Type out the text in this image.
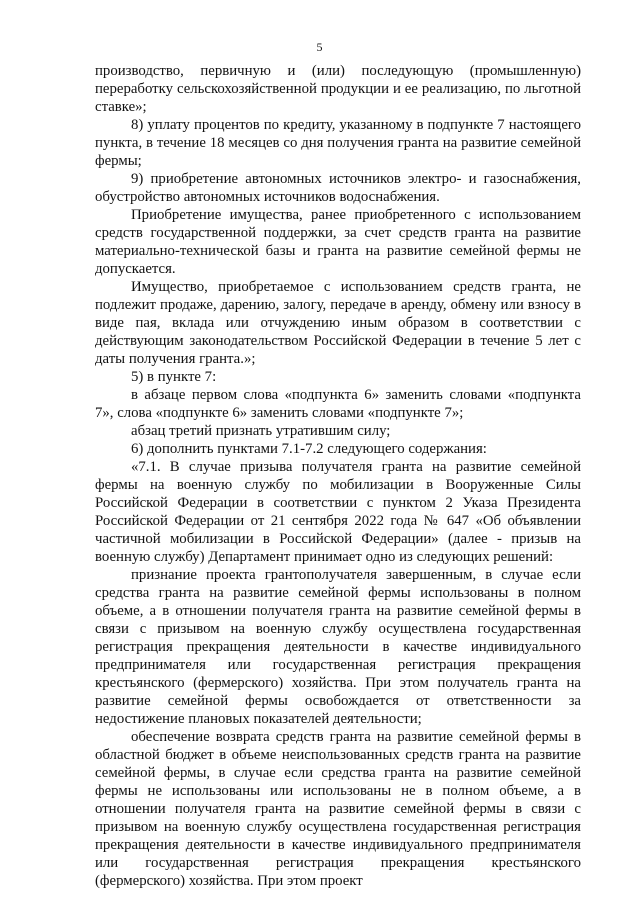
5

производство, первичную и (или) последующую (промышленную) переработку сельскохозяйственной продукции и ее реализацию, по льготной ставке»;

8) уплату процентов по кредиту, указанному в подпункте 7 настоящего пункта, в течение 18 месяцев со дня получения гранта на развитие семейной фермы;

9) приобретение автономных источников электро- и газоснабжения, обустройство автономных источников водоснабжения.

Приобретение имущества, ранее приобретенного с использованием средств государственной поддержки, за счет средств гранта на развитие материально-технической базы и гранта на развитие семейной фермы не допускается.

Имущество, приобретаемое с использованием средств гранта, не подлежит продаже, дарению, залогу, передаче в аренду, обмену или взносу в виде пая, вклада или отчуждению иным образом в соответствии с действующим законодательством Российской Федерации в течение 5 лет с даты получения гранта.»;

5) в пункте 7:

в абзаце первом слова «подпункта 6» заменить словами «подпункта 7», слова «подпункте 6» заменить словами «подпункте 7»;

абзац третий признать утратившим силу;

6) дополнить пунктами 7.1-7.2 следующего содержания:

«7.1. В случае призыва получателя гранта на развитие семейной фермы на военную службу по мобилизации в Вооруженные Силы Российской Федерации в соответствии с пунктом 2 Указа Президента Российской Федерации от 21 сентября 2022 года № 647 «Об объявлении частичной мобилизации в Российской Федерации» (далее - призыв на военную службу) Департамент принимает одно из следующих решений:

признание проекта грантополучателя завершенным, в случае если средства гранта на развитие семейной фермы использованы в полном объеме, а в отношении получателя гранта на развитие семейной фермы в связи с призывом на военную службу осуществлена государственная регистрация прекращения деятельности в качестве индивидуального предпринимателя или государственная регистрация прекращения крестьянского (фермерского) хозяйства. При этом получатель гранта на развитие семейной фермы освобождается от ответственности за недостижение плановых показателей деятельности;

обеспечение возврата средств гранта на развитие семейной фермы в областной бюджет в объеме неиспользованных средств гранта на развитие семейной фермы, в случае если средства гранта на развитие семейной фермы не использованы или использованы не в полном объеме, а в отношении получателя гранта на развитие семейной фермы в связи с призывом на военную службу осуществлена государственная регистрация прекращения деятельности в качестве индивидуального предпринимателя или государственная регистрация прекращения крестьянского (фермерского) хозяйства. При этом проект
